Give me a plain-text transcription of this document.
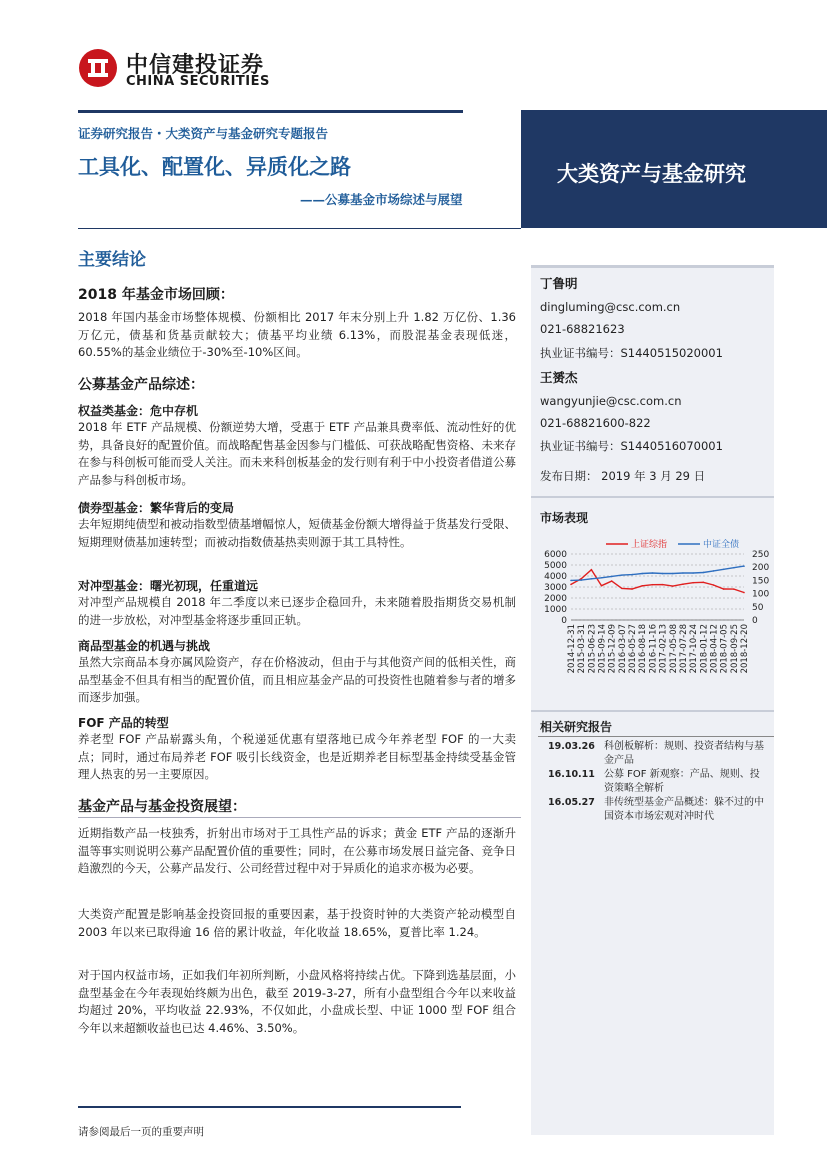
中信建投证券
CHINA SECURITIES
证券研究报告・大类资产与基金研究专题报告
工具化、配置化、异质化之路
——公募基金市场综述与展望
大类资产与基金研究
主要结论
2018 年基金市场回顾：
2018 年国内基金市场整体规模、份额相比 2017 年末分别上升 1.82 万亿份、1.36 万亿元，债基和货基贡献较大；债基平均业绩 6.13%，而股混基金表现低迷，60.55%的基金业绩位于-30%至-10%区间。
公募基金产品综述：
权益类基金：危中存机
2018 年 ETF 产品规模、份额逆势大增，受惠于 ETF 产品兼具费率低、流动性好的优势，具备良好的配置价值。而战略配售基金因参与门槛低、可获战略配售资格、未来存在参与科创板可能而受人关注。而未来科创板基金的发行则有利于中小投资者借道公募产品参与科创板市场。
债券型基金：繁华背后的变局
去年短期纯债型和被动指数型债基增幅惊人，短债基金份额大增得益于货基发行受限、短期理财债基加速转型；而被动指数债基热卖则源于其工具特性。
对冲型基金：曙光初现，任重道远
对冲型产品规模自 2018 年二季度以来已逐步企稳回升，未来随着股指期货交易机制的进一步放松，对冲型基金将逐步重回正轨。
商品型基金的机遇与挑战
虽然大宗商品本身亦属风险资产，存在价格波动，但由于与其他资产间的低相关性，商品型基金不但具有相当的配置价值，而且相应基金产品的可投资性也随着参与者的增多而逐步加强。
FOF 产品的转型
养老型 FOF 产品崭露头角，个税递延优惠有望落地已成今年养老型 FOF 的一大卖点；同时，通过布局养老 FOF 吸引长线资金，也是近期养老目标型基金持续受基金管理人热衷的另一主要原因。
基金产品与基金投资展望：
近期指数产品一枝独秀，折射出市场对于工具性产品的诉求；黄金 ETF 产品的逐渐升温等事实则说明公募产品配置价值的重要性；同时，在公募市场发展日益完备、竞争日趋激烈的今天，公募产品发行、公司经营过程中对于异质化的追求亦极为必要。
大类资产配置是影响基金投资回报的重要因素，基于投资时钟的大类资产轮动模型自 2003 年以来已取得逾 16 倍的累计收益，年化收益 18.65%，夏普比率 1.24。
对于国内权益市场，正如我们年初所判断，小盘风格将持续占优。下降到选基层面，小盘型基金在今年表现始终颇为出色，截至 2019-3-27，所有小盘型组合今年以来收益均超过 20%，平均收益 22.93%，不仅如此，小盘成长型、中证 1000 型 FOF 组合今年以来超额收益也已达 4.46%、3.50%。
丁鲁明
dingluming@csc.com.cn
021-68821623
执业证书编号：S1440515020001
王赟杰
wangyunjie@csc.com.cn
021-68821600-822
执业证书编号：S1440516070001
发布日期： 2019 年 3 月 29 日
市场表现
0
1000
2000
3000
4000
5000
6000
0
50
100
150
200
250
2014-12-31 2015-03-31 2015-06-23 2015-09-14 2015-12-09 2016-03-07 2016-05-27 2016-08-18 2016-11-16 2017-02-13 2017-05-08 2017-07-28 2017-10-24 2018-01-12 2018-04-12 2018-07-05 2018-09-25 2018-12-20
上证综指	中证全债
相关研究报告
19.03.26 科创板解析：规则、投资者结构与基金产品
16.10.11 公募 FOF 新观察：产品、规则、投资策略全解析
16.05.27 非传统型基金产品概述：躲不过的中国资本市场宏观对冲时代
请参阅最后一页的重要声明
